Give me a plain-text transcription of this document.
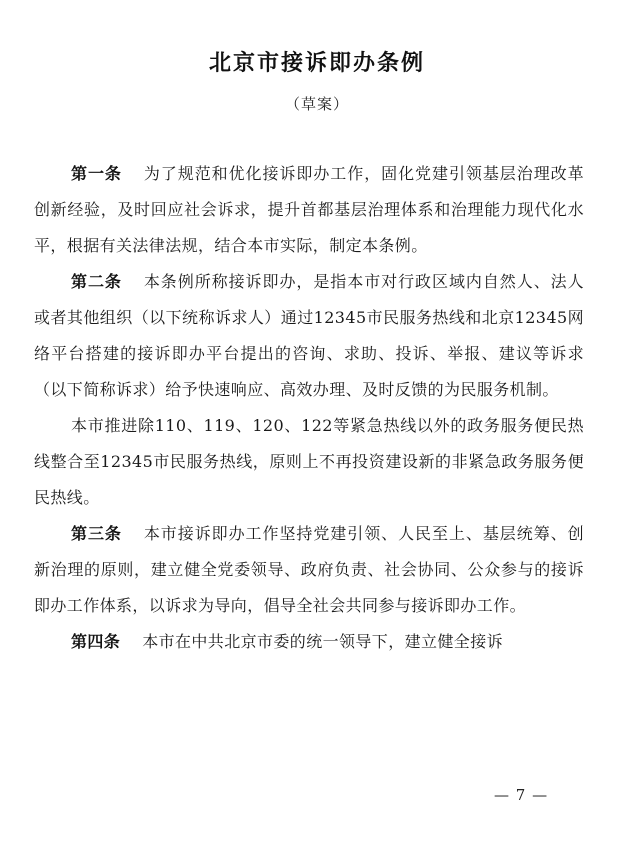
北京市接诉即办条例
（草案）

第一条 为了规范和优化接诉即办工作，固化党建引领基层治理改革创新经验，及时回应社会诉求，提升首都基层治理体系和治理能力现代化水平，根据有关法律法规，结合本市实际，制定本条例。

第二条 本条例所称接诉即办，是指本市对行政区域内自然人、法人或者其他组织（以下统称诉求人）通过12345市民服务热线和北京12345网络平台搭建的接诉即办平台提出的咨询、求助、投诉、举报、建议等诉求（以下简称诉求）给予快速响应、高效办理、及时反馈的为民服务机制。

本市推进除110、119、120、122等紧急热线以外的政务服务便民热线整合至12345市民服务热线，原则上不再投资建设新的非紧急政务服务便民热线。

第三条 本市接诉即办工作坚持党建引领、人民至上、基层统筹、创新治理的原则，建立健全党委领导、政府负责、社会协同、公众参与的接诉即办工作体系，以诉求为导向，倡导全社会共同参与接诉即办工作。

第四条 本市在中共北京市委的统一领导下，建立健全接诉

— 7 —
